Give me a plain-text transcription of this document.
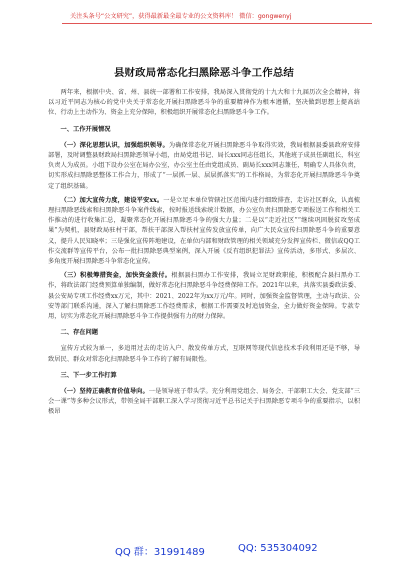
关注头条号“公文研究”，获得最新最全最专业的公文资料库！ 微信：gongwenyj
县财政局常态化扫黑除恶斗争工作总结

两年来，根据中央、省、州、县统一部署和工作安排，我局深入贯彻党的十九大和十九届历次全会精神，将以习近平同志为核心的党中央关于常态化开展扫黑除恶斗争的重要精神作为根本遵循，坚决做到思想上提高站位、行动上主动作为、资金上充分保障，积极组织开展常态化扫黑除恶斗争工作。

一、工作开展情况

（一）深化思想认识，加强组织领导。为确保常态化开展扫黑除恶斗争取得实效，我局根据县委县政府安排部署，及时调整县财政局扫黑除恶领导小组，由局党组书记、局长xxx同志任组长，其他班子成员任副组长，科室负责人为成员。小组下设办公室在局办公室，办公室主任由党组成员、副局长xxx同志兼任，明确专人具体负责，切实形成扫黑除恶整体工作合力，形成了“一层抓一层、层层抓落实”的工作格局，为常态化开展扫黑除恶斗争奠定了组织基础。

（二）加大宣传力度，建设平安xx。一是立足本单位管辖社区范围内进行细致排查，走访社区群众，认真梳理扫黑除恶线索和扫黑除恶斗争案件线索，按时报送线索统计数据，办公室负责扫黑除恶专项报送工作和相关工作推动的进行收集汇总，凝聚常态化开展扫黑除恶斗争的强大力量；二是以“走近社区”“继续巩固脱贫攻坚成果”为契机，县财政局驻村干部，帮扶干部深入帮扶村宣传发放宣传单，向广大民众宣传扫黑除恶斗争的重要意义，提升人民知晓率；三是强化宣传阵地建设，在单位内部和财政管理的相关领域充分发挥宣传栏、微信或QQ工作交流群等宣传平台，公布一批扫黑除恶典型案例，深入开展《反有组织犯罪法》宣传活动，多形式、多层次、多角度开展扫黑除恶斗争常态化宣传。

（三）积极筹措资金，加快资金拨付。根据县扫黑办工作安排，我局立足财政职能，积极配合县扫黑办工作，将政法部门经费预算单独编制，做好常态化扫黑除恶斗争经费保障工作。2021年以来，共落实县委政法委、县公安局专项工作经费xx万元，其中：2021、2022年为xx万元/年。同时，加强资金监督管理，主动与政法、公安等部门联系沟通，深入了解扫黑除恶工作经费需求，根据工作需要及时追加资金，全力做好资金保障。专款专用，切实为常态化开展扫黑除恶斗争工作提供强有力的财力保障。

二、存在问题

宣传方式较为单一，多追用过去的走访入户、散发传单方式，互联网等现代信息技术手段利用还是不够，导致居民、群众对常态化扫黑除恶斗争工作的了解有局限性。

三、下一步工作打算

（一）坚持正确教育价值导向。一是领导班子带头学。充分利用党组会、局务会、干部职工大会、党支部“三会一课”等多种会议形式，带领全局干部职工深入学习贯彻习近平总书记关于扫黑除恶专项斗争的重要指示，以积极昂

QQ 群：31991489	QQ: 535304092
